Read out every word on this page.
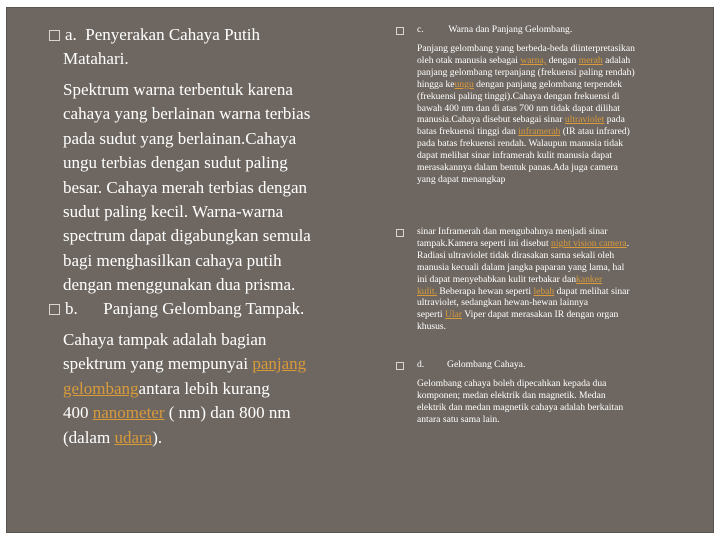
a. Penyerakan Cahaya Putih
Matahari.
Spektrum warna terbentuk karena
cahaya yang berlainan warna terbias
pada sudut yang berlainan.Cahaya
ungu terbias dengan sudut paling
besar. Cahaya merah terbias dengan
sudut paling kecil. Warna-warna
spectrum dapat digabungkan semula
bagi menghasilkan cahaya putih
dengan menggunakan dua prisma.
b. Panjang Gelombang Tampak.
Cahaya tampak adalah bagian
spektrum yang mempunyai panjang
gelombangantara lebih kurang
400 nanometer ( nm) dan 800 nm
(dalam udara).
c.	Warna dan Panjang Gelombang.
Panjang gelombang yang berbeda-beda diinterpretasikan
oleh otak manusia sebagai warna, dengan merah adalah
panjang gelombang terpanjang (frekuensi paling rendah)
hingga keungu dengan panjang gelombang terpendek
(frekuensi paling tinggi).Cahaya dengan frekuensi di
bawah 400 nm dan di atas 700 nm tidak dapat dilihat
manusia.Cahaya disebut sebagai sinar ultraviolet pada
batas frekuensi tinggi dan inframerah (IR atau infrared)
pada batas frekuensi rendah. Walaupun manusia tidak
dapat melihat sinar inframerah kulit manusia dapat
merasakannya dalam bentuk panas.Ada juga camera
yang dapat menangkap
sinar Inframerah dan mengubahnya menjadi sinar
tampak.Kamera seperti ini disebut night vision camera.
Radiasi ultraviolet tidak dirasakan sama sekali oleh
manusia kecuali dalam jangka paparan yang lama, hal
ini dapat menyebabkan kulit terbakar dankanker
kulit. Beberapa hewan seperti lebah dapat melihat sinar
ultraviolet, sedangkan hewan-hewan lainnya
seperti Ular Viper dapat merasakan IR dengan organ
khusus.
d. Gelombang Cahaya.
Gelombang cahaya boleh dipecahkan kepada dua
komponen; medan elektrik dan magnetik. Medan
elektrik dan medan magnetik cahaya adalah berkaitan
antara satu sama lain.
